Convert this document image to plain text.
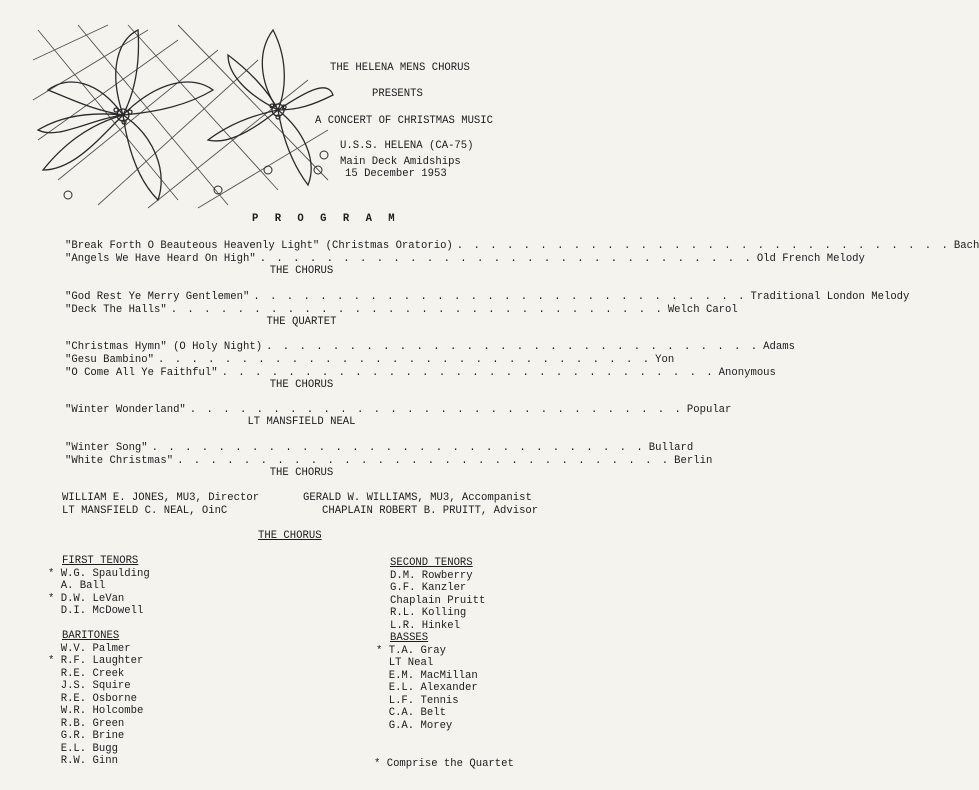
THE HELENA MENS CHORUS
PRESENTS
A CONCERT OF CHRISTMAS MUSIC
U.S.S. HELENA (CA-75)
Main Deck Amidships
15 December 1953
P R O G R A M
"Break Forth O Beauteous Heavenly Light" (Christmas Oratorio) . . . . . . . . . . . . . . . . . . . . . . . . . . . . . . Bach
"Angels We Have Heard On High" . . . . . . . . . . . . . . . . . . . . . . . . . . . . . . Old French Melody
THE CHORUS
"God Rest Ye Merry Gentlemen" . . . . . . . . . . . . . . . . . . . . . . . . . . . . . . Traditional London Melody
"Deck The Halls" . . . . . . . . . . . . . . . . . . . . . . . . . . . . . . Welch Carol
THE QUARTET
"Christmas Hymn" (O Holy Night) . . . . . . . . . . . . . . . . . . . . . . . . . . . . . . Adams
"Gesu Bambino" . . . . . . . . . . . . . . . . . . . . . . . . . . . . . . Yon
"O Come All Ye Faithful" . . . . . . . . . . . . . . . . . . . . . . . . . . . . . . Anonymous
THE CHORUS
"Winter Wonderland" . . . . . . . . . . . . . . . . . . . . . . . . . . . . . . Popular
LT MANSFIELD NEAL
"Winter Song" . . . . . . . . . . . . . . . . . . . . . . . . . . . . . . Bullard
"White Christmas" . . . . . . . . . . . . . . . . . . . . . . . . . . . . . . Berlin
THE CHORUS
WILLIAM E. JONES, MU3, Director
LT MANSFIELD C. NEAL, OinC
GERALD W. WILLIAMS, MU3, Accompanist
CHAPLAIN ROBERT B. PRUITT, Advisor
THE CHORUS
FIRST TENORS
* W.G. Spaulding
A. Ball
* D.W. LeVan
D.I. McDowell
BARITONES
W.V. Palmer
* R.F. Laughter
R.E. Creek
J.S. Squire
R.E. Osborne
W.R. Holcombe
R.B. Green
G.R. Brine
E.L. Bugg
R.W. Ginn
SECOND TENORS
D.M. Rowberry
G.F. Kanzler
Chaplain Pruitt
R.L. Kolling
L.R. Hinkel
BASSES
* T.A. Gray
LT Neal
E.M. MacMillan
E.L. Alexander
L.F. Tennis
C.A. Belt
G.A. Morey
* Comprise the Quartet
